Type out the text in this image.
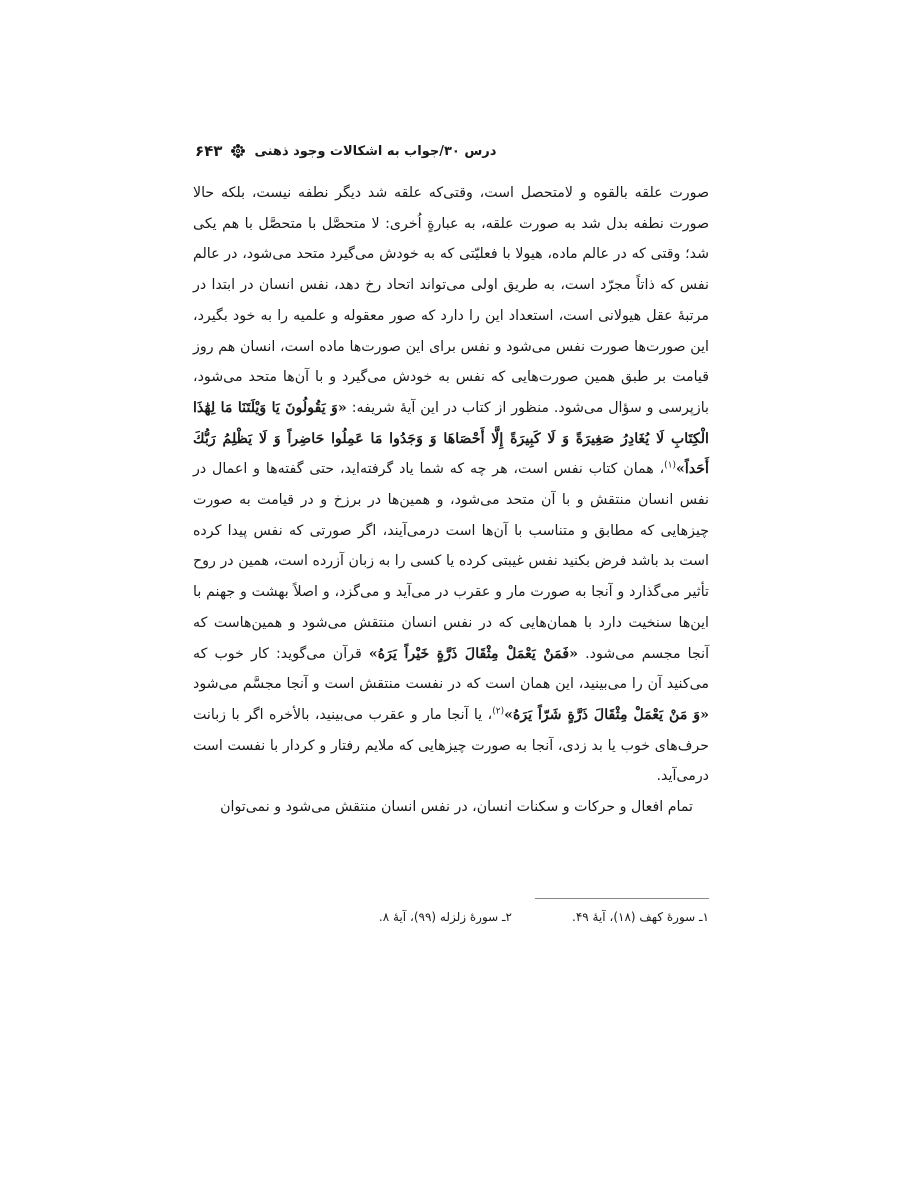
درس ۳۰/جواب به اشکالات وجود ذهنی
۶۴۳

صورت علقه بالقوه و لامتحصل است، وقتی‌که علقه شد دیگر نطفه نیست، بلکه حالا صورت نطفه بدل شد به صورت علقه، به عبارةٍ اُخری: لا متحصَّل با متحصَّل با هم یکی شد؛ وقتی که در عالم ماده، هیولا با فعلیّتی که به خودش می‌گیرد متحد می‌شود، در عالم نفس که ذاتاً مجرّد است، به طریق اولی می‌تواند اتحاد رخ دهد، نفس انسان در ابتدا در مرتبهٔ عقل هیولانی است، استعداد این را دارد که صور معقوله و علمیه را به خود بگیرد، این صورت‌ها صورت نفس می‌شود و نفس برای این صورت‌ها ماده است، انسان هم روز قیامت بر طبق همین صورت‌هایی که نفس به خودش می‌گیرد و با آن‌ها متحد می‌شود، بازپرسی و سؤال می‌شود. منظور از کتاب در این آیهٔ شریفه: «وَ يَقُولُونَ يَا وَيْلَتَنَا مَا لِهَٰذَا الْكِتَابِ لَا يُغَادِرُ صَغِيرَةً وَ لَا كَبِيرَةً إِلَّا أَحْصَاهَا وَ وَجَدُوا مَا عَمِلُوا حَاضِراً وَ لَا يَظْلِمُ رَبُّكَ أَحَداً»$^{(۱)}$، همان کتاب نفس است، هر چه که شما یاد گرفته‌اید، حتی گفته‌ها و اعمال در نفس انسان منتقش و با آن متحد می‌شود، و همین‌ها در برزخ و در قیامت به صورت چیزهایی که مطابق و متناسب با آن‌ها است درمی‌آیند، اگر صورتی که نفس پیدا کرده است بد باشد فرض بکنید نفس غیبتی کرده یا کسی را به زبان آزرده است، همین در روح تأثیر می‌گذارد و آنجا به صورت مار و عقرب در می‌آید و می‌گزد، و اصلاً بهشت و جهنم با این‌ها سنخیت دارد با همان‌هایی که در نفس انسان منتقش می‌شود و همین‌هاست که آنجا مجسم می‌شود. «فَمَنْ يَعْمَلْ مِثْقَالَ ذَرَّةٍ خَيْراً يَرَهُ» قرآن می‌گوید: کار خوب که می‌کنید آن را می‌بینید، این همان است که در نفست منتقش است و آنجا مجسَّم می‌شود «وَ مَنْ يَعْمَلْ مِثْقَالَ ذَرَّةٍ شَرّاً يَرَهُ»$^{(۲)}$، یا آنجا مار و عقرب می‌بینید، بالأخره اگر با زبانت حرف‌های خوب یا بد زدی، آنجا به صورت چیزهایی که ملایم رفتار و کردار با نفست است درمی‌آید.

تمام افعال و حرکات و سکنات انسان، در نفس انسان منتقش می‌شود و نمی‌توان

۱ـ سورهٔ کهف (۱۸)، آیهٔ ۴۹.
۲ـ سورهٔ زلزله (۹۹)، آیهٔ ۸.
